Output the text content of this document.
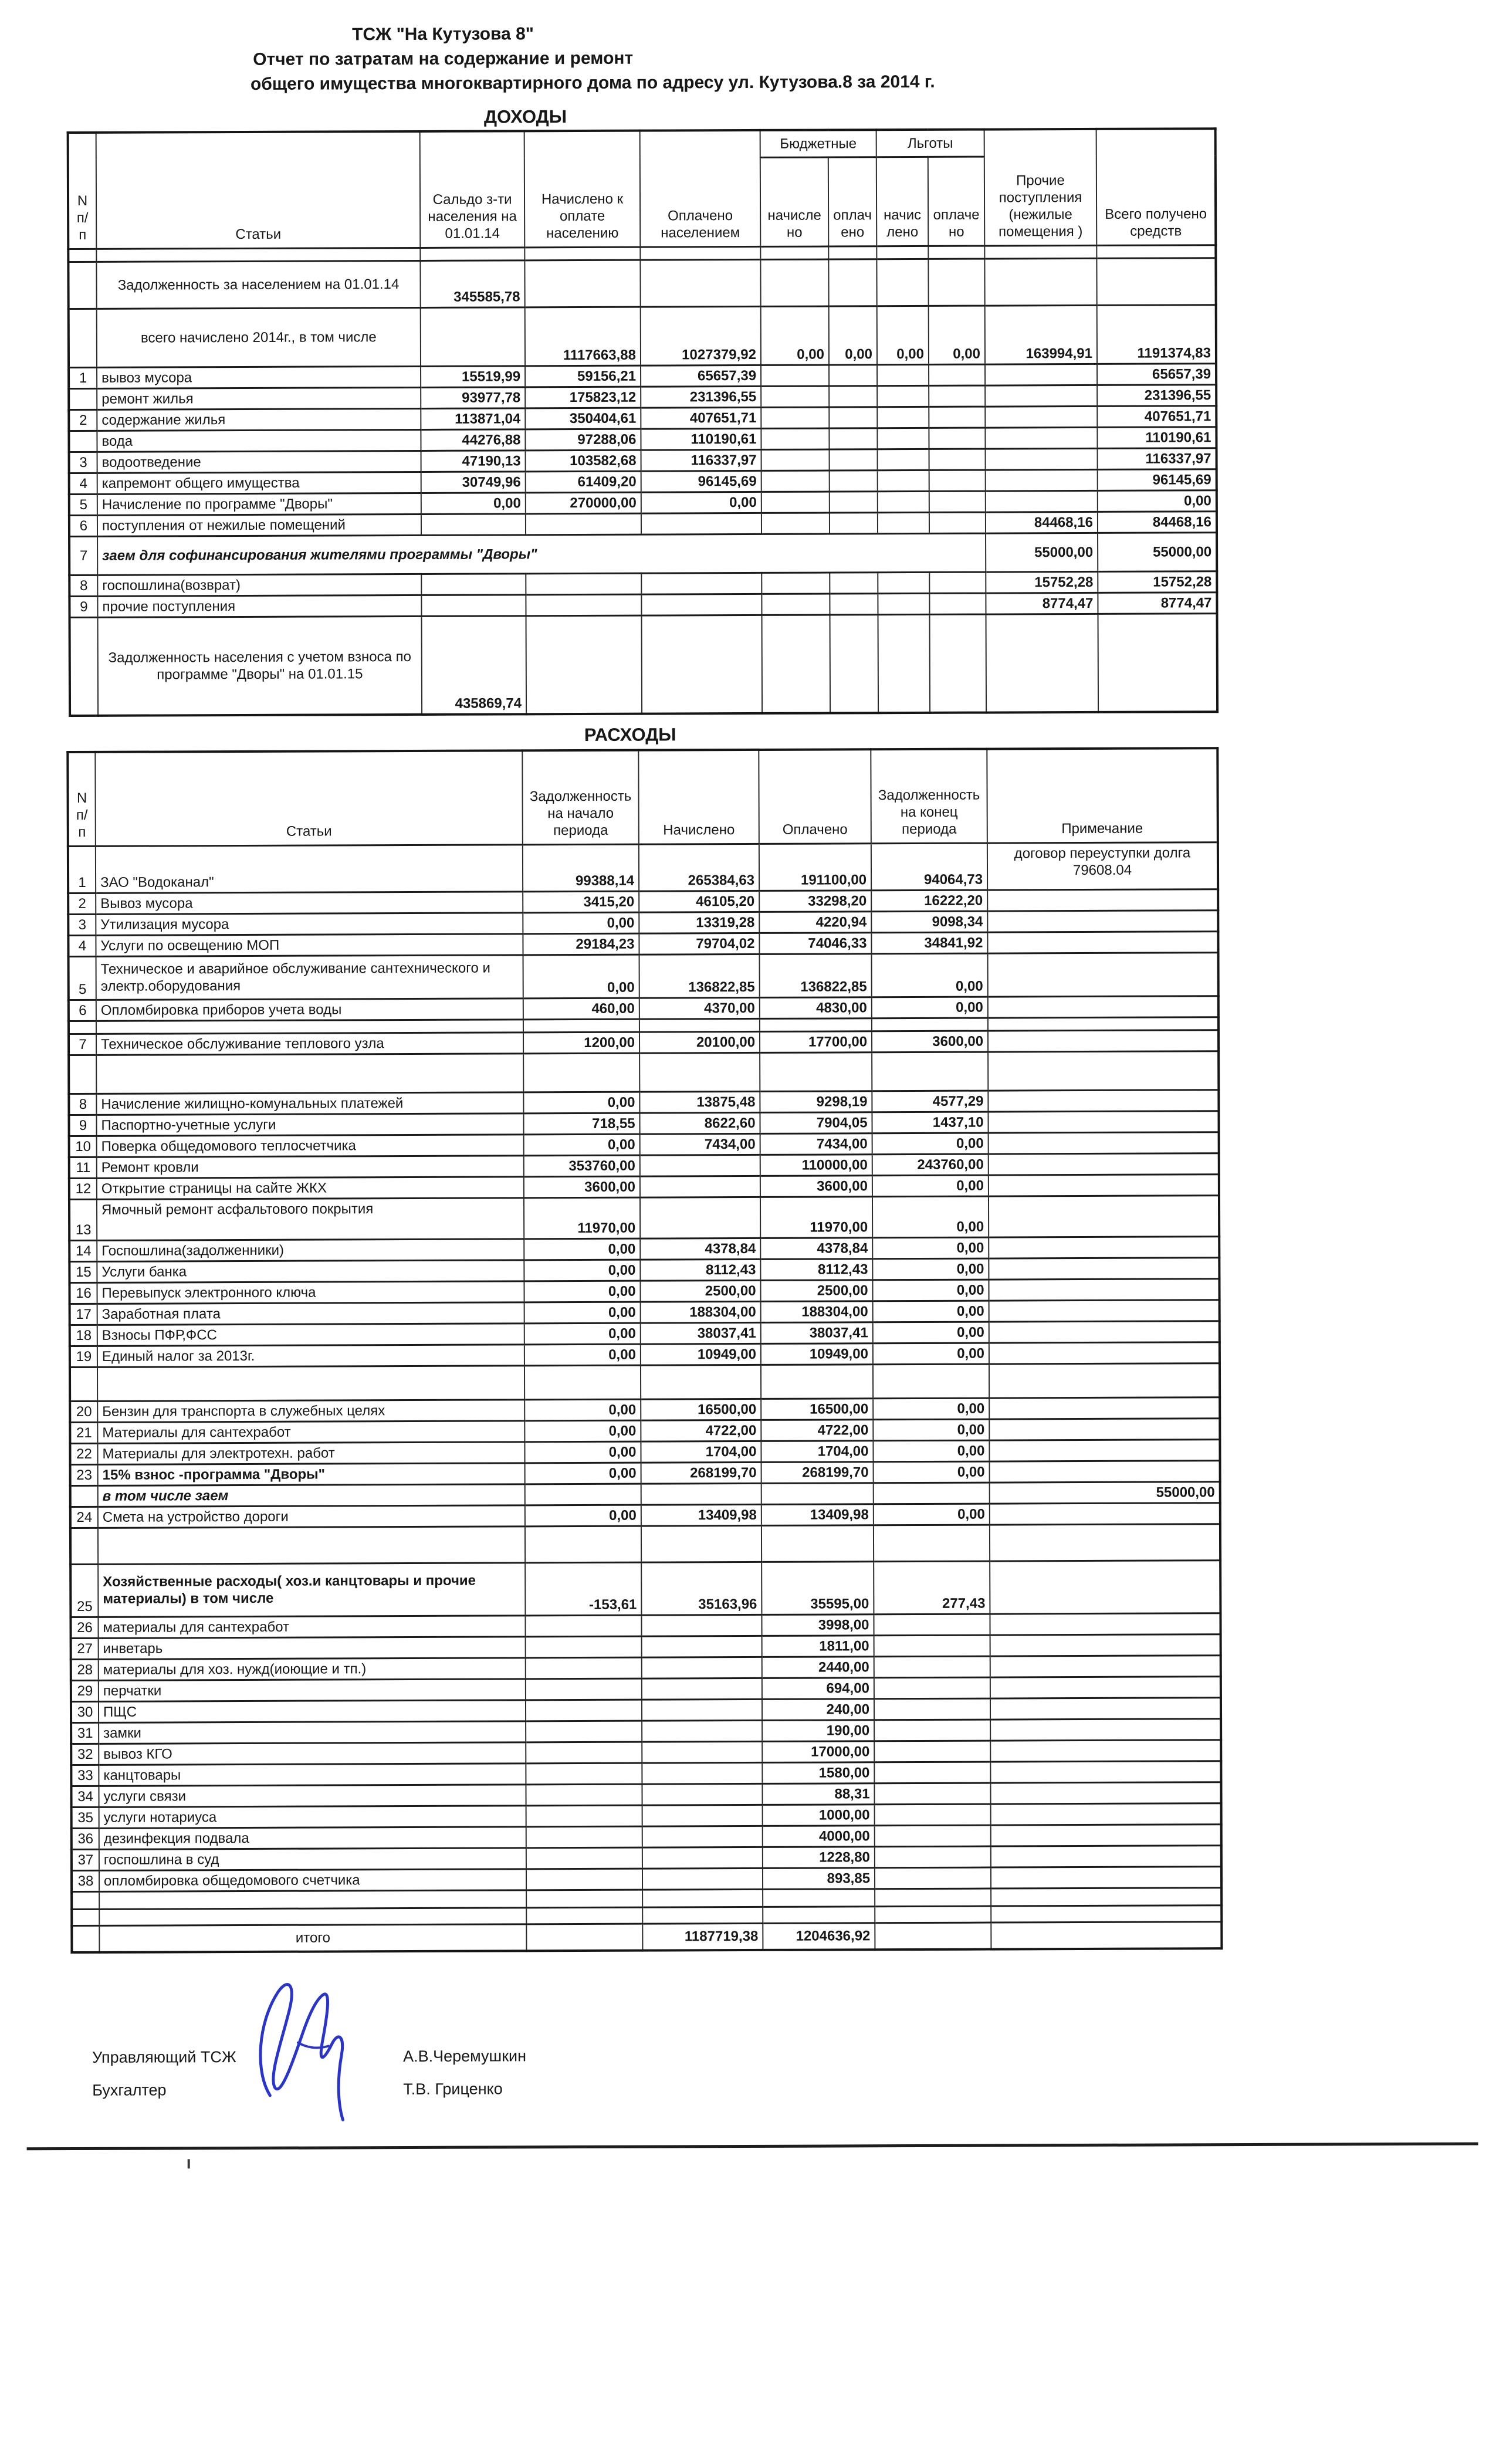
ТСЖ "На Кутузова 8"
Отчет по затратам на содержание и ремонт
общего имущества многоквартирного дома по адресу ул. Кутузова.8 за 2014 г.
ДОХОДЫ
N п/п	Статьи	Сальдо з-ти населения на 01.01.14	Начислено к оплате населению	Оплачено населением	Бюджетные		Льготы		Прочие поступления (нежилые помещения )	Всего получено средств
					начислено	оплачено	начислено	оплачено		

	Задолженность за населением на 01.01.14	345585,78								
	всего начислено 2014г., в том числе		1117663,88	1027379,92	0,00	0,00	0,00	0,00	163994,91	1191374,83
1	вывоз мусора	15519,99	59156,21	65657,39						65657,39
	ремонт жилья	93977,78	175823,12	231396,55						231396,55
2	содержание жилья	113871,04	350404,61	407651,71						407651,71
	вода	44276,88	97288,06	110190,61						110190,61
3	водоотведение	47190,13	103582,68	116337,97						116337,97
4	капремонт общего имущества	30749,96	61409,20	96145,69						96145,69
5	Начисление по программе "Дворы"	0,00	270000,00	0,00						0,00
6	поступления от нежилые помещений								84468,16	84468,16
7	заем для софинансирования жителями программы "Дворы"								55000,00	55000,00
8	госпошлина(возврат)								15752,28	15752,28
9	прочие поступления								8774,47	8774,47
	Задолженность населения с учетом взноса по программе "Дворы" на 01.01.15	435869,74								
РАСХОДЫ
N п/п	Статьи	Задолженность на начало периода	Начислено	Оплачено	Задолженность на конец периода	Примечание
1	ЗАО "Водоканал"	99388,14	265384,63	191100,00	94064,73	договор переуступки долга 79608.04
2	Вывоз мусора	3415,20	46105,20	33298,20	16222,20	
3	Утилизация мусора	0,00	13319,28	4220,94	9098,34	
4	Услуги по освещению МОП	29184,23	79704,02	74046,33	34841,92	
5	Техническое и аварийное обслуживание сантехнического и электр.оборудования	0,00	136822,85	136822,85	0,00	
6	Опломбировка приборов учета воды	460,00	4370,00	4830,00	0,00	

7	Техническое обслуживание теплового узла	1200,00	20100,00	17700,00	3600,00	

8	Начисление жилищно-комунальных платежей	0,00	13875,48	9298,19	4577,29	
9	Паспортно-учетные услуги	718,55	8622,60	7904,05	1437,10	
10	Поверка общедомового теплосчетчика	0,00	7434,00	7434,00	0,00	
11	Ремонт кровли	353760,00		110000,00	243760,00	
12	Открытие страницы на сайте ЖКХ	3600,00		3600,00	0,00	
13	Ямочный ремонт асфальтового покрытия	11970,00		11970,00	0,00	
14	Госпошлина(задолженники)	0,00	4378,84	4378,84	0,00	
15	Услуги банка	0,00	8112,43	8112,43	0,00	
16	Перевыпуск электронного ключа	0,00	2500,00	2500,00	0,00	
17	Заработная плата	0,00	188304,00	188304,00	0,00	
18	Взносы ПФР,ФСС	0,00	38037,41	38037,41	0,00	
19	Единый налог за 2013г.	0,00	10949,00	10949,00	0,00	

20	Бензин для транспорта в служебных целях	0,00	16500,00	16500,00	0,00	
21	Материалы для сантехработ	0,00	4722,00	4722,00	0,00	
22	Материалы для электротехн. работ	0,00	1704,00	1704,00	0,00	
23	15% взнос -программа "Дворы"	0,00	268199,70	268199,70	0,00	
	в том числе заем					55000,00
24	Смета на устройство дороги	0,00	13409,98	13409,98	0,00	

25	Хозяйственные расходы( хоз.и канцтовары и прочие материалы) в том числе	-153,61	35163,96	35595,00	277,43	
26	материалы для сантехработ			3998,00		
27	инветарь			1811,00		
28	материалы для хоз. нужд(иоющие и тп.)			2440,00		
29	перчатки			694,00		
30	ПЩС			240,00		
31	замки			190,00		
32	вывоз КГО			17000,00		
33	канцтовары			1580,00		
34	услуги связи			88,31		
35	услуги нотариуса			1000,00		
36	дезинфекция подвала			4000,00		
37	госпошлина в суд			1228,80		
38	опломбировка общедомового счетчика			893,85		

	итого		1187719,38	1204636,92		
Управляющий ТСЖ
Бухгалтер
А.В.Черемушкин
Т.В. Гриценко
